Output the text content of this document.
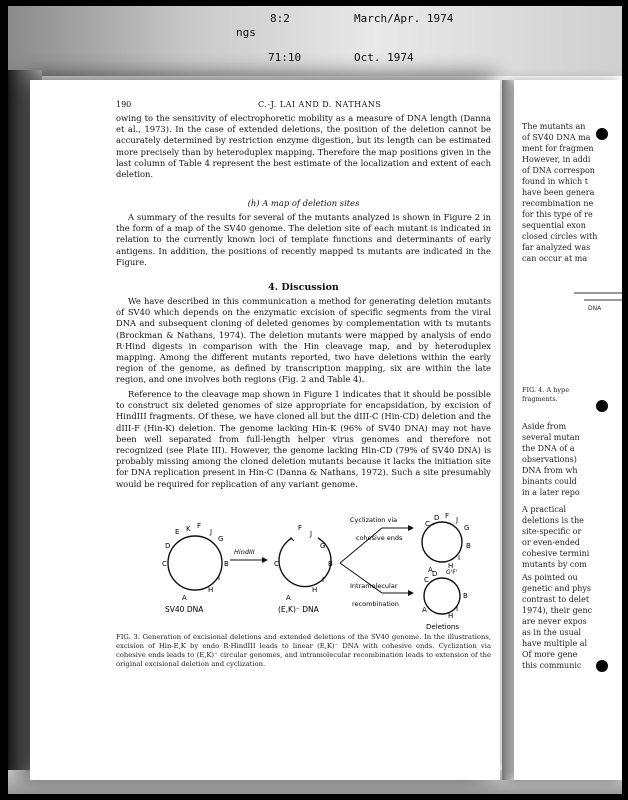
ngs
8:2	March/Apr. 1974
71:10	Oct. 1974
The mutants an
of SV40 DNA ma
ment for fragmen
However, in addi
of DNA correspon
found in which t
have been genera
recombination ne
for this type of re
sequential exon
closed circles with
far analyzed was
can occur at ma
DNA
FIG. 4. A hype
fragments.
Aside from
several mutan
the DNA of a
observations)
DNA from wh
binants could
in a later repo
A practical
deletions is the
site-specific or
or even-ended
cohesive termini
mutants by com
As pointed ou
genetic and phys
contrast to delet
1974), their genc
are never expos
as in the usual
have multiple al
Of more gene
this communic
190	C.-J. LAI AND D. NATHANS

owing to the sensitivity of electrophoretic mobility as a measure of DNA length (Danna et al., 1973). In the case of extended deletions, the position of the deletion cannot be accurately determined by restriction enzyme digestion, but its length can be estimated more precisely than by heteroduplex mapping. Therefore the map positions given in the last column of Table 4 represent the best estimate of the localization and extent of each deletion.

(h) A map of deletion sites

A summary of the results for several of the mutants analyzed is shown in Figure 2 in the form of a map of the SV40 genome. The deletion site of each mutant is indicated in relation to the currently known loci of template functions and determinants of early antigens. In addition, the positions of recently mapped ts mutants are indicated in the Figure.

4. Discussion

We have described in this communication a method for generating deletion mutants of SV40 which depends on the enzymatic excision of specific segments from the viral DNA and subsequent cloning of deleted genomes by complementation with ts mutants (Brockman & Nathans, 1974). The deletion mutants were mapped by analysis of endo R·Hind digests in comparison with the Hin cleavage map, and by heteroduplex mapping. Among the different mutants reported, two have deletions within the early region of the genome, as defined by transcription mapping, six are within the late region, and one involves both regions (Fig. 2 and Table 4).

Reference to the cleavage map shown in Figure 1 indicates that it should be possible to construct six deleted genomes of size appropriate for encapsidation, by excision of HindIII fragments. Of these, we have cloned all but the dIII-C (Hin-CD) deletion and the dIII-F (Hin-K) deletion. The genome lacking Hin-K (96% of SV40 DNA) may not have been well separated from full-length helper virus genomes and therefore not recognized (see Plate III). However, the genome lacking Hin-CD (79% of SV40 DNA) is probably missing among the cloned deletion mutants because it lacks the initiation site for DNA replication present in Hin-C (Danna & Nathans, 1972). Such a site presumably would be required for replication of any variant genome.

D
E K F
J
G
B
I
H
A
C
SV40 DNA
HindIII
F
J
G
B
I
H
A
C
(E,K)⁻ DNA
Cyclization via
cohesive ends
Intramolecular
recombination
C
D F J
G
B
I
H
A
C
D G'F'
B
I
H
A
Deletions
FIG. 3. Generation of excisional deletions and extended deletions of the SV40 genome. In the illustrations, excision of Hin-E,K by endo R·HindIII leads to linear (E,K)⁻ DNA with cohesive ends. Cyclization via cohesive ends leads to (E,K)⁻ circular genomes, and intramolecular recombination leads to extension of the original excisional deletion and cyclization.
